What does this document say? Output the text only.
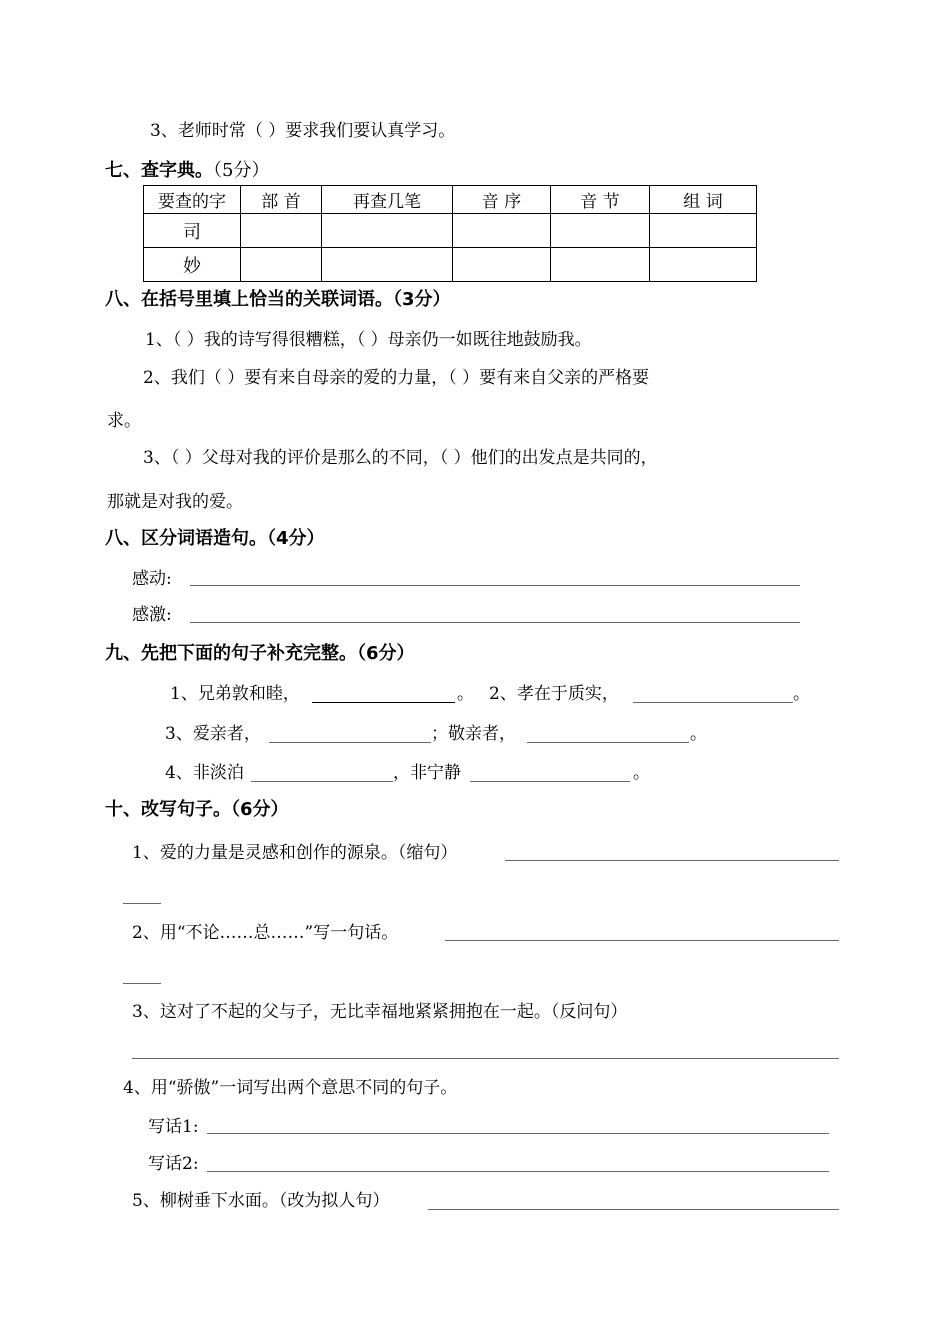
3、老师时常（ ）要求我们要认真学习。
七、查字典。（5分）
要查的字	部 首	再查几笔	音 序	音 节	组 词
司					
妙					
八、在括号里填上恰当的关联词语。（3分）
1、（ ）我的诗写得很糟糕，（ ）母亲仍一如既往地鼓励我。
2、我们（ ）要有来自母亲的爱的力量，（ ）要有来自父亲的严格要
求。
3、（ ）父母对我的评价是那么的不同，（ ）他们的出发点是共同的，
那就是对我的爱。
八、区分词语造句。（4分）
感动:
感激:
九、先把下面的句子补充完整。（6分）
1、兄弟敦和睦，	。 2、孝在于质实，	。
3、爱亲者，	；敬亲者，	。
4、非淡泊	，非宁静	。
十、改写句子。（6分）
1、爱的力量是灵感和创作的源泉。（缩句）
2、用“不论……总……”写一句话。
3、这对了不起的父与子，无比幸福地紧紧拥抱在一起。（反问句）
4、用“骄傲”一词写出两个意思不同的句子。
写话1:
写话2:
5、柳树垂下水面。（改为拟人句）
